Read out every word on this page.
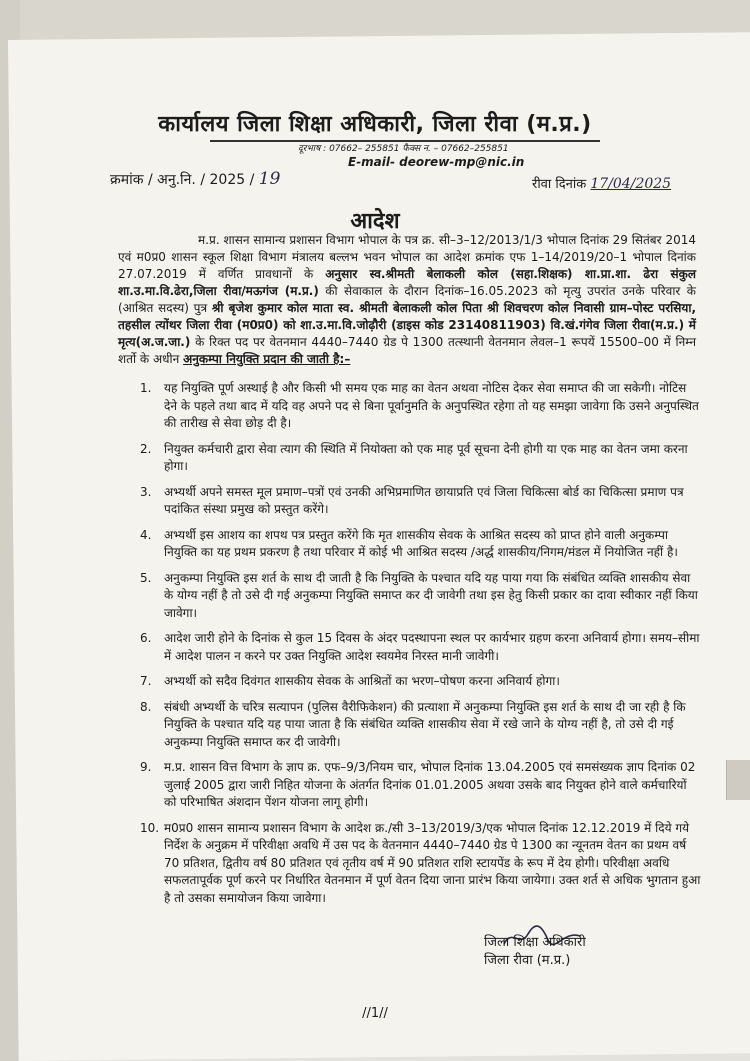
कार्यालय जिला शिक्षा अधिकारी, जिला रीवा (म.प्र.)
दूरभाष : 07662– 255851 फैक्स न. – 07662–255851
E-mail- deorew-mp@nic.in
क्रमांक / अनु.नि. / 2025 / 19	रीवा दिनांक 17/04/2025
आदेश
म.प्र. शासन सामान्य प्रशासन विभाग भोपाल के पत्र क्र. सी–3–12/2013/1/3 भोपाल दिनांक 29 सितंबर 2014 एवं म0प्र0 शासन स्कूल शिक्षा विभाग मंत्रालय बल्लभ भवन भोपाल का आदेश क्रमांक एफ 1–14/2019/20–1 भोपाल दिनांक 27.07.2019 में वर्णित प्रावधानों के अनुसार स्व.श्रीमती बेलाकली कोल (सहा.शिक्षक) शा.प्रा.शा. ढेरा संकुल शा.उ.मा.वि.ढेरा,जिला रीवा/मऊगंज (म.प्र.) की सेवाकाल के दौरान दिनांक–16.05.2023 को मृत्यु उपरांत उनके परिवार के (आश्रित सदस्य) पुत्र श्री बृजेश कुमार कोल माता स्व. श्रीमती बेलाकली कोल पिता श्री शिवचरण कोल निवासी ग्राम–पोस्ट परसिया, तहसील त्योंथर जिला रीवा (म0प्र0) को शा.उ.मा.वि.जोढ़ौरी (डाइस कोड 23140811903) वि.खं.गंगेव जिला रीवा(म.प्र.) में मृत्य(अ.ज.जा.) के रिक्त पद पर वेतनमान 4440–7440 ग्रेड पे 1300 तत्स्थानी वेतनमान लेवल–1 रूपयें 15500–00 में निम्न शर्तो के अधीन अनुकम्पा नियुक्ति प्रदान की जाती है:–
1. यह नियुक्ति पूर्ण अस्थाई है और किसी भी समय एक माह का वेतन अथवा नोटिस देकर सेवा समाप्त की जा सकेगी। नोटिस देने के पहले तथा बाद में यदि वह अपने पद से बिना पूर्वानुमति के अनुपस्थित रहेगा तो यह समझा जावेगा कि उसने अनुपस्थित की तारीख से सेवा छोड़ दी है।
2. नियुक्त कर्मचारी द्वारा सेवा त्याग की स्थिति में नियोक्ता को एक माह पूर्व सूचना देनी होगी या एक माह का वेतन जमा करना होगा।
3. अभ्यर्थी अपने समस्त मूल प्रमाण–पत्रों एवं उनकी अभिप्रमाणित छायाप्रति एवं जिला चिकित्सा बोर्ड का चिकित्सा प्रमाण पत्र पदांकित संस्था प्रमुख को प्रस्तुत करेंगे।
4. अभ्यर्थी इस आशय का शपथ पत्र प्रस्तुत करेंगे कि मृत शासकीय सेवक के आश्रित सदस्य को प्राप्त होने वाली अनुकम्पा नियुक्ति का यह प्रथम प्रकरण है तथा परिवार में कोई भी आश्रित सदस्य /अर्द्ध शासकीय/निगम/मंडल में नियोजित नहीं है।
5. अनुकम्पा नियुक्ति इस शर्त के साथ दी जाती है कि नियुक्ति के पश्चात यदि यह पाया गया कि संबंधित व्यक्ति शासकीय सेवा के योग्य नहीं है तो उसे दी गई अनुकम्पा नियुक्ति समाप्त कर दी जावेगी तथा इस हेतु किसी प्रकार का दावा स्वीकार नहीं किया जावेगा।
6. आदेश जारी होने के दिनांक से कुल 15 दिवस के अंदर पदस्थापना स्थल पर कार्यभार ग्रहण करना अनिवार्य होगा। समय–सीमा में आदेश पालन न करने पर उक्त नियुक्ति आदेश स्वयमेव निरस्त मानी जावेगी।
7. अभ्यर्थी को सदैव दिवंगत शासकीय सेवक के आश्रितों का भरण–पोषण करना अनिवार्य होगा।
8. संबंधी अभ्यर्थी के चरित्र सत्यापन (पुलिस वैरीफिकेशन) की प्रत्याशा में अनुकम्पा नियुक्ति इस शर्त के साथ दी जा रही है कि नियुक्ति के पश्चात यदि यह पाया जाता है कि संबंधित व्यक्ति शासकीय सेवा में रखे जाने के योग्य नहीं है, तो उसे दी गई अनुकम्पा नियुक्ति समाप्त कर दी जावेगी।
9. म.प्र. शासन वित्त विभाग के ज्ञाप क्र. एफ–9/3/नियम चार, भोपाल दिनांक 13.04.2005 एवं समसंख्यक ज्ञाप दिनांक 02 जुलाई 2005 द्वारा जारी निहित योजना के अंतर्गत दिनांक 01.01.2005 अथवा उसके बाद नियुक्त होने वाले कर्मचारियों को परिभाषित अंशदान पेंशन योजना लागू होगी।
10. म0प्र0 शासन सामान्य प्रशासन विभाग के आदेश क्र./सी 3–13/2019/3/एक भोपाल दिनांक 12.12.2019 में दिये गये निर्देश के अनुक्रम में परिवीक्षा अवधि में उस पद के वेतनमान 4440–7440 ग्रेड पे 1300 का न्यूनतम वेतन का प्रथम वर्ष 70 प्रतिशत, द्वितीय वर्ष 80 प्रतिशत एवं तृतीय वर्ष में 90 प्रतिशत राशि स्टायपेंड के रूप में देय होगी। परिवीक्षा अवधि सफलतापूर्वक पूर्ण करने पर निर्धारित वेतनमान में पूर्ण वेतन दिया जाना प्रारंभ किया जायेगा। उक्त शर्त से अधिक भुगतान हुआ है तो उसका समायोजन किया जावेगा।
जिला शिक्षा अधिकारी
जिला रीवा (म.प्र.)
//1//
